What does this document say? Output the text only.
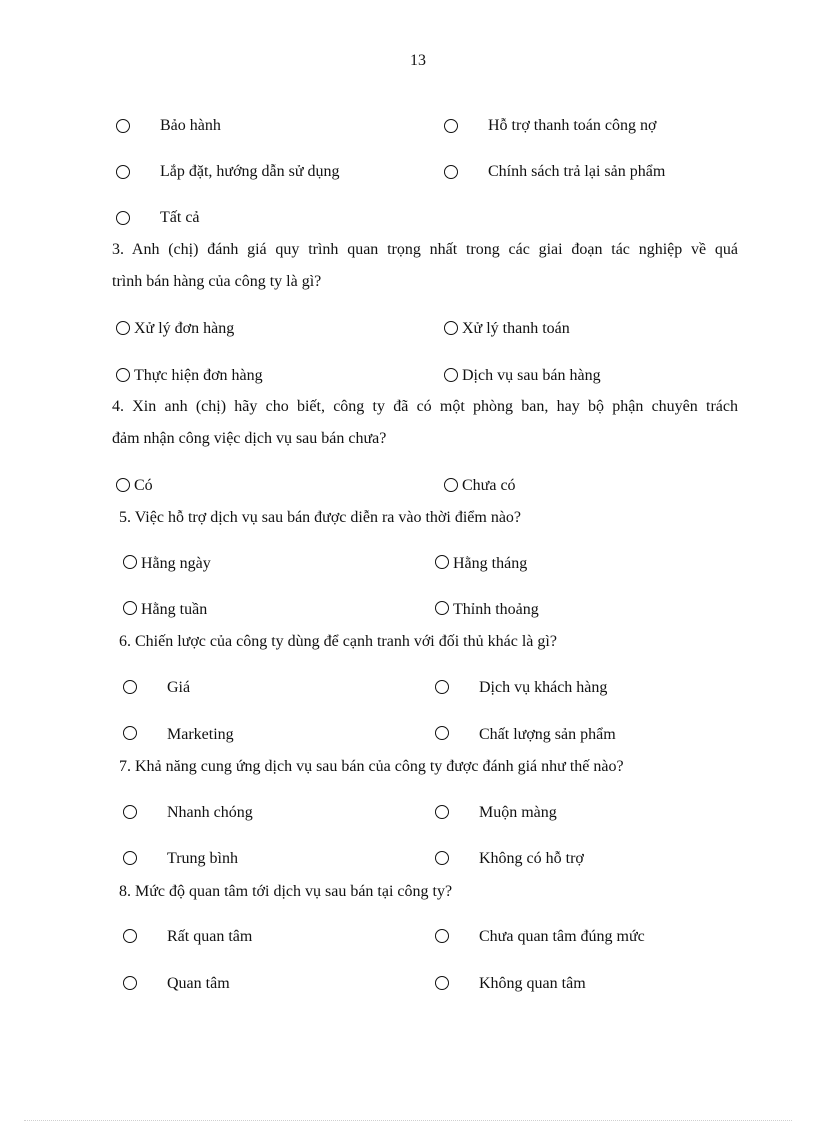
13
Bảo hành	Hỗ trợ thanh toán công nợ
Lắp đặt, hướng dẫn sử dụng	Chính sách trả lại sản phẩm
Tất cả
3. Anh (chị) đánh giá quy trình quan trọng nhất trong các giai đoạn tác nghiệp về quá
trình bán hàng của công ty là gì?
Xử lý đơn hàng	Xử lý thanh toán
Thực hiện đơn hàng	Dịch vụ sau bán hàng
4. Xin anh (chị) hãy cho biết, công ty đã có một phòng ban, hay bộ phận chuyên trách
đảm nhận công việc dịch vụ sau bán chưa?
Có	Chưa có
5. Việc hỗ trợ dịch vụ sau bán được diễn ra vào thời điểm nào?
Hằng ngày	Hằng tháng
Hằng tuần	Thỉnh thoảng
6. Chiến lược của công ty dùng để cạnh tranh với đối thủ khác là gì?
Giá	Dịch vụ khách hàng
Marketing	Chất lượng sản phẩm
7. Khả năng cung ứng dịch vụ sau bán của công ty được đánh giá như thế nào?
Nhanh chóng	Muộn màng
Trung bình	Không có hỗ trợ
8. Mức độ quan tâm tới dịch vụ sau bán tại công ty?
Rất quan tâm	Chưa quan tâm đúng mức
Quan tâm	Không quan tâm
